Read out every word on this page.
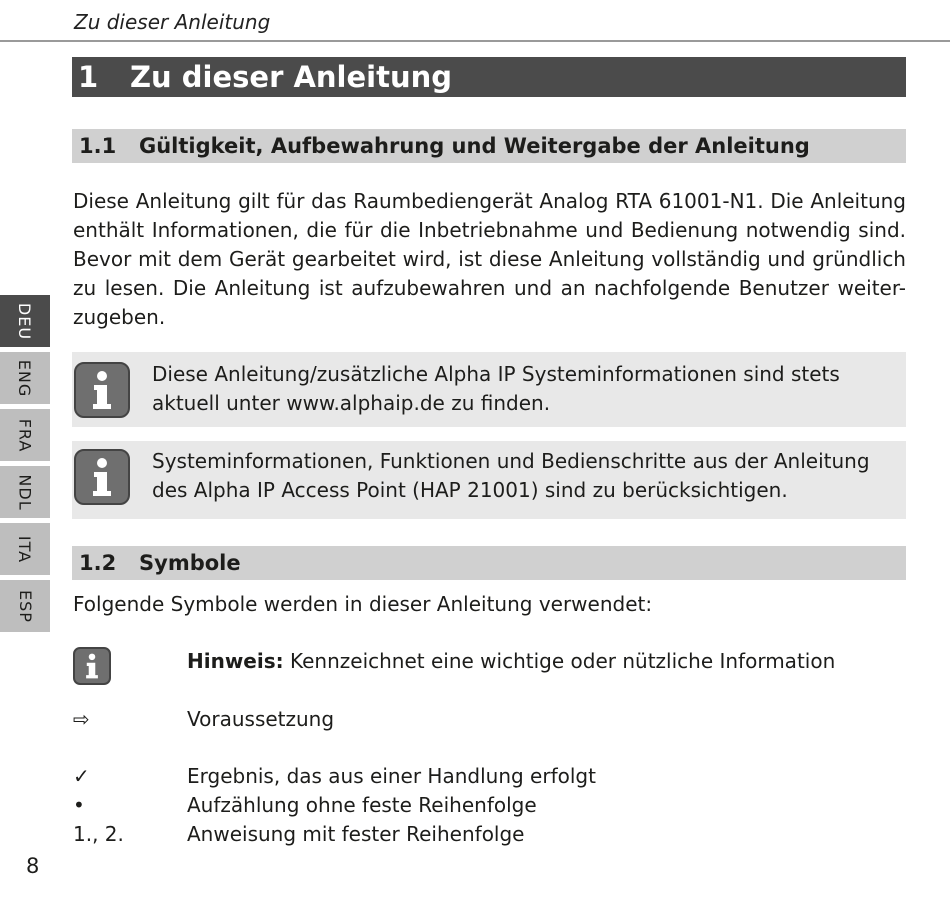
Zu dieser Anleitung
1	Zu dieser Anleitung
1.1	Gültigkeit, Aufbewahrung und Weitergabe der Anleitung
Diese Anleitung gilt für das Raumbediengerät Analog RTA 61001-N1. Die Anleitung enthält Informationen, die für die Inbetriebnahme und Bedienung notwendig sind. Bevor mit dem Gerät gearbeitet wird, ist diese Anleitung vollständig und gründlich zu lesen. Die Anleitung ist aufzubewahren und an nachfolgende Benutzer weiter-zugeben.
Diese Anleitung/zusätzliche Alpha IP Systeminformationen sind stets aktuell unter www.alphaip.de zu finden.
Systeminformationen, Funktionen und Bedienschritte aus der Anleitung des Alpha IP Access Point (HAP 21001) sind zu berücksichtigen.
1.2	Symbole
Folgende Symbole werden in dieser Anleitung verwendet:
Hinweis: Kennzeichnet eine wichtige oder nützliche Information
⇨	Voraussetzung
✓	Ergebnis, das aus einer Handlung erfolgt
•	Aufzählung ohne feste Reihenfolge
1., 2.	Anweisung mit fester Reihenfolge
DEU
ENG
FRA
NDL
ITA
ESP
8
